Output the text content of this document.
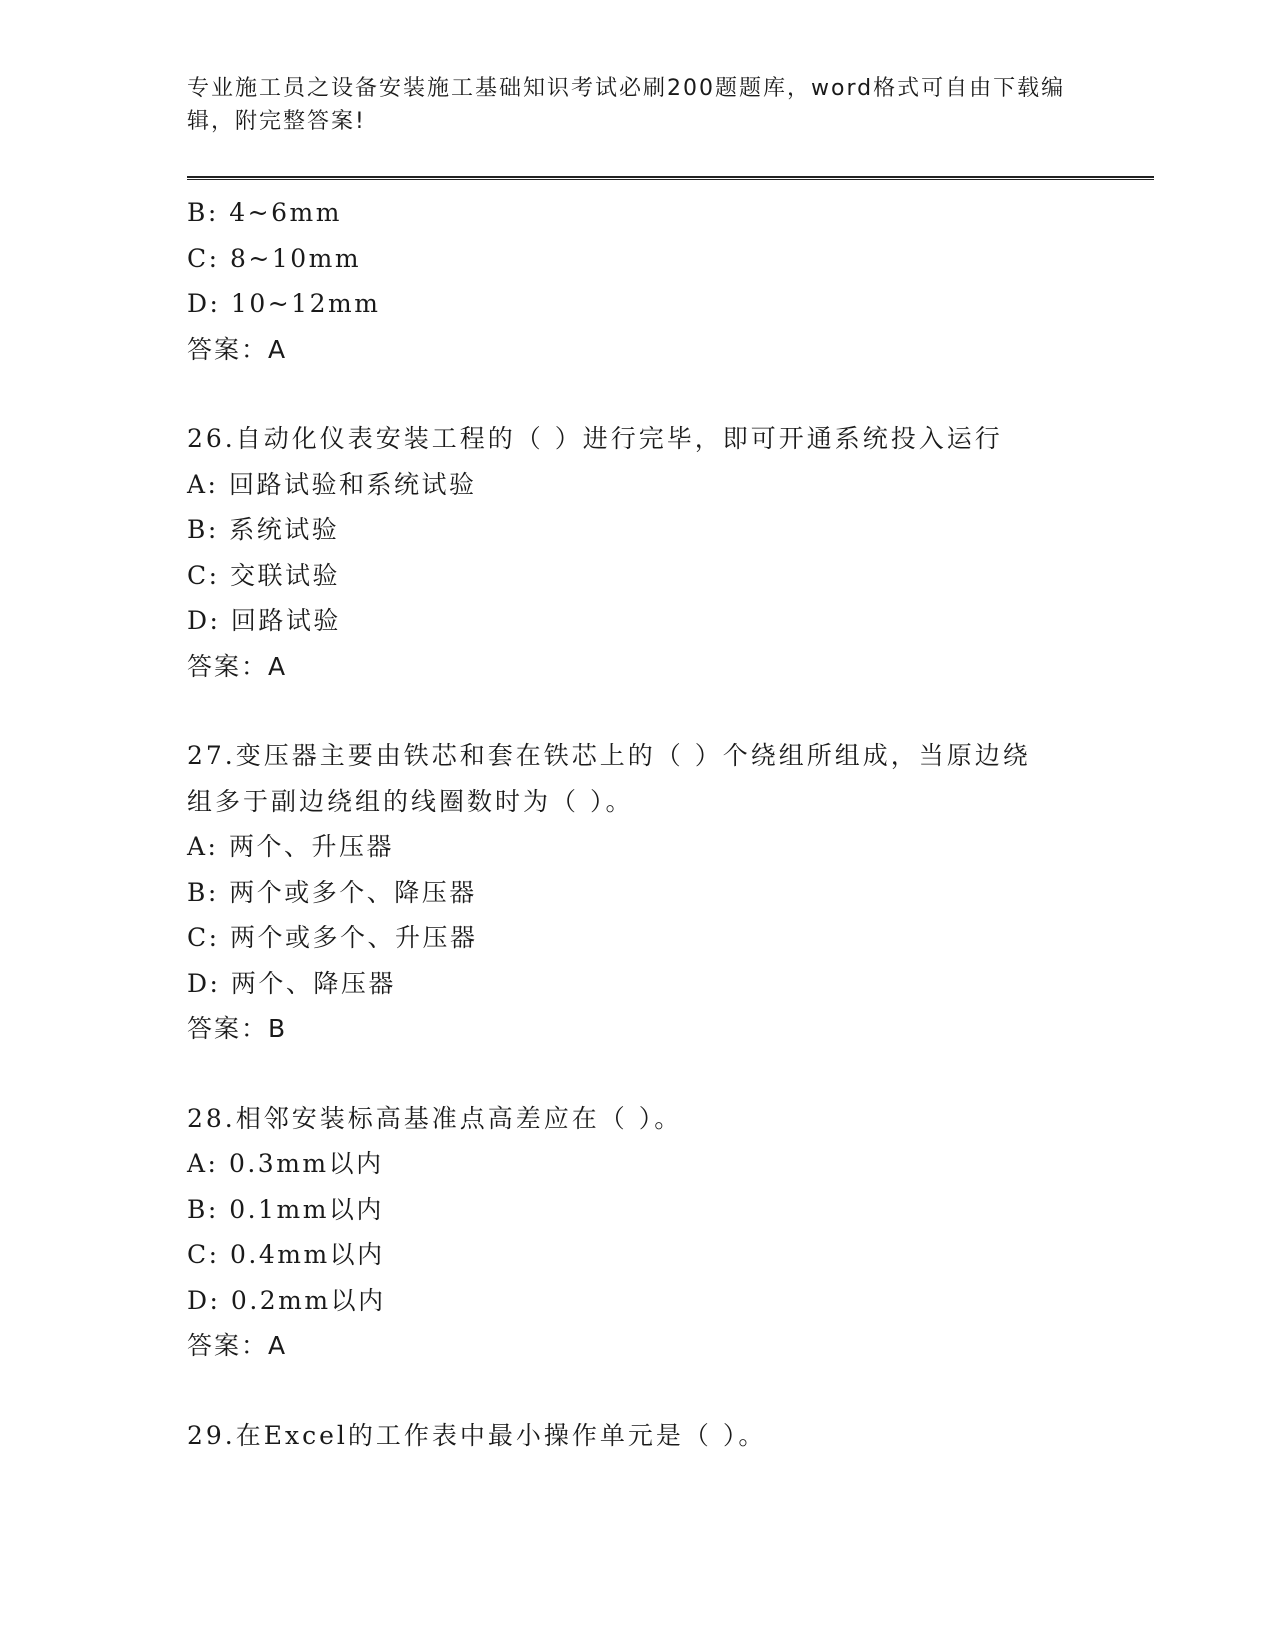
专业施工员之设备安装施工基础知识考试必刷200题题库，word格式可自由下载编辑，附完整答案!
B: 4~6mm
C: 8~10mm
D: 10~12mm
答案：A
26.自动化仪表安装工程的（ ）进行完毕，即可开通系统投入运行
A: 回路试验和系统试验
B: 系统试验
C: 交联试验
D: 回路试验
答案：A
27.变压器主要由铁芯和套在铁芯上的（ ）个绕组所组成，当原边绕组多于副边绕组的线圈数时为（ ）。
A: 两个、升压器
B: 两个或多个、降压器
C: 两个或多个、升压器
D: 两个、降压器
答案：B
28.相邻安装标高基准点高差应在（ ）。
A: 0.3mm以内
B: 0.1mm以内
C: 0.4mm以内
D: 0.2mm以内
答案：A
29.在Excel的工作表中最小操作单元是（ ）。
